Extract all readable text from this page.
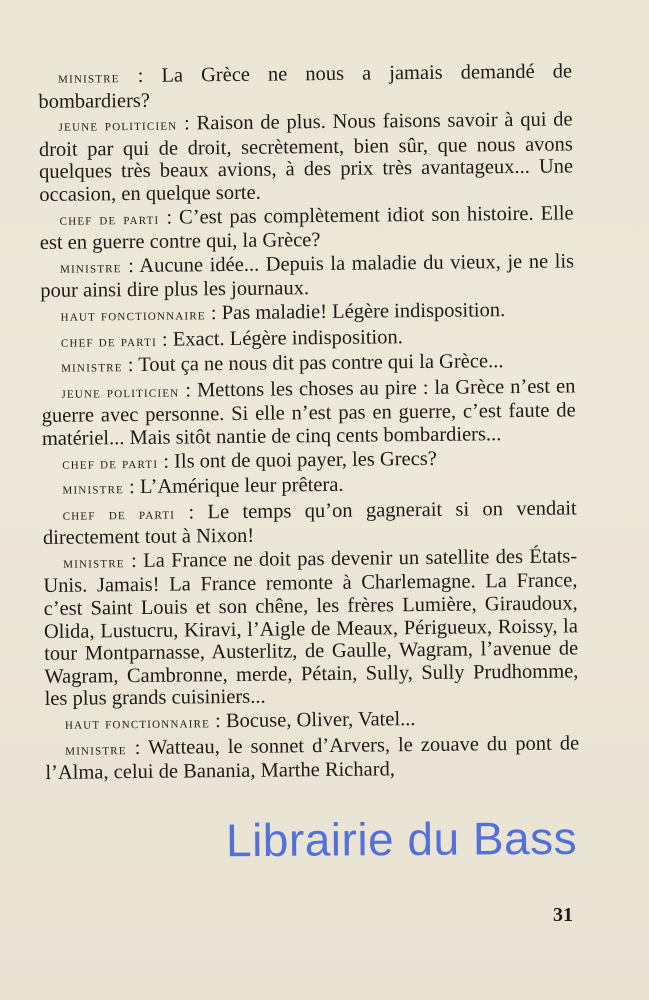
ministre : La Grèce ne nous a jamais demandé de bombardiers?

jeune politicien : Raison de plus. Nous faisons savoir à qui de droit par qui de droit, secrètement, bien sûr, que nous avons quelques très beaux avions, à des prix très avantageux... Une occasion, en quelque sorte.

chef de parti : C’est pas complètement idiot son histoire. Elle est en guerre contre qui, la Grèce?

ministre : Aucune idée... Depuis la maladie du vieux, je ne lis pour ainsi dire plus les journaux.

haut fonctionnaire : Pas maladie! Légère indisposition.

chef de parti : Exact. Légère indisposition.

ministre : Tout ça ne nous dit pas contre qui la Grèce...

jeune politicien : Mettons les choses au pire : la Grèce n’est en guerre avec personne. Si elle n’est pas en guerre, c’est faute de matériel... Mais sitôt nantie de cinq cents bombardiers...

chef de parti : Ils ont de quoi payer, les Grecs?

ministre : L’Amérique leur prêtera.

chef de parti : Le temps qu’on gagnerait si on vendait directement tout à Nixon!

ministre : La France ne doit pas devenir un satellite des États-Unis. Jamais! La France remonte à Charlemagne. La France, c’est Saint Louis et son chêne, les frères Lumière, Giraudoux, Olida, Lustucru, Kiravi, l’Aigle de Meaux, Périgueux, Roissy, la tour Montparnasse, Austerlitz, de Gaulle, Wagram, l’avenue de Wagram, Cambronne, merde, Pétain, Sully, Sully Prudhomme, les plus grands cuisiniers...

haut fonctionnaire : Bocuse, Oliver, Vatel...

ministre : Watteau, le sonnet d’Arvers, le zouave du pont de l’Alma, celui de Banania, Marthe Richard,

Librairie du Bass
31
